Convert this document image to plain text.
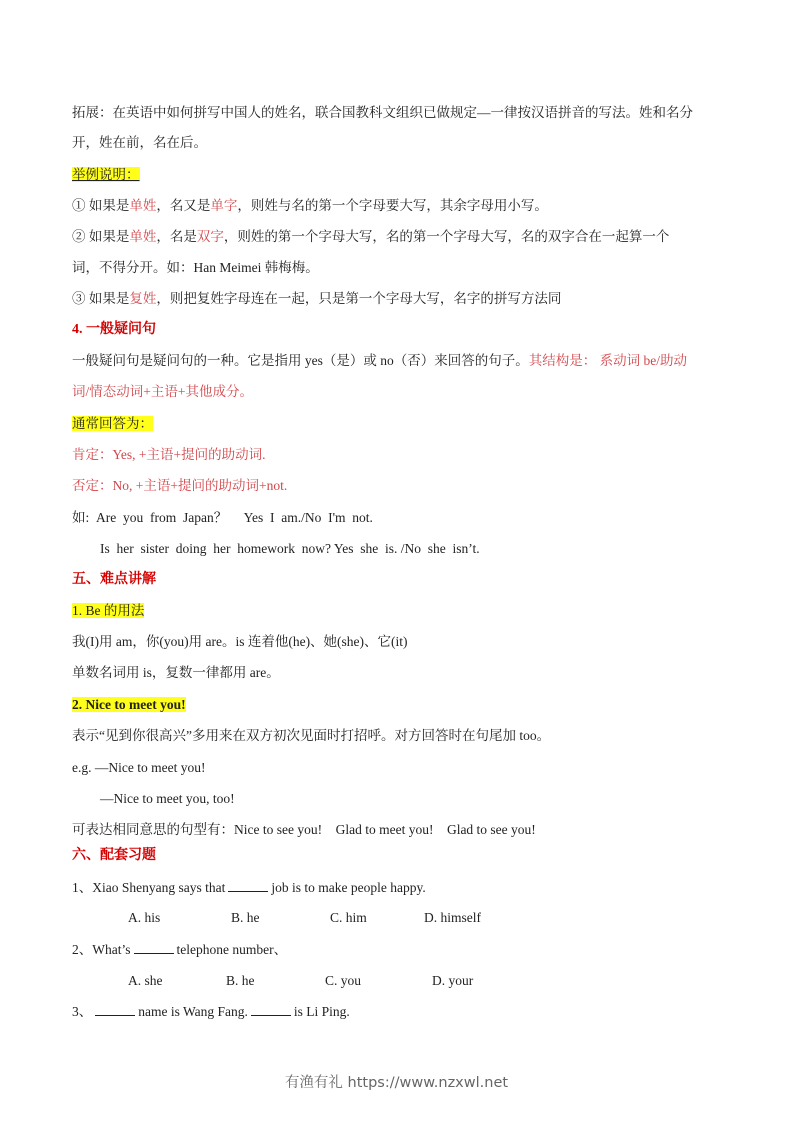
拓展：在英语中如何拼写中国人的姓名，联合国教科文组织已做规定—一律按汉语拼音的写法。姓和名分
开，姓在前，名在后。
举例说明：
① 如果是单姓，名又是单字，则姓与名的第一个字母要大写，其余字母用小写。
② 如果是单姓，名是双字，则姓的第一个字母大写，名的第一个字母大写，名的双字合在一起算一个
词，不得分开。如：Han Meimei 韩梅梅。
③ 如果是复姓，则把复姓字母连在一起，只是第一个字母大写，名字的拼写方法同
4. 一般疑问句
一般疑问句是疑问句的一种。它是指用 yes（是）或 no（否）来回答的句子。其结构是： 系动词 be/助动
词/情态动词+主语+其他成分。
通常回答为：
肯定：Yes, +主语+提问的助动词.
否定：No, +主语+提问的助动词+not.
如:  Are  you  from  Japan？     Yes  I  am./No  I'm  not.
Is  her  sister  doing  her  homework  now? Yes  she  is. /No  she  isn’t.
五、难点讲解
1. Be 的用法
我(I)用 am，你(you)用 are。is 连着他(he)、她(she)、它(it)
单数名词用 is，复数一律都用 are。
2. Nice to meet you!
表示“见到你很高兴”多用来在双方初次见面时打招呼。对方回答时在句尾加 too。
e.g. —Nice to meet you!
—Nice to meet you, too!
可表达相同意思的句型有：Nice to see you!    Glad to meet you!    Glad to see you!
六、配套习题
1、Xiao Shenyang says that	job is to make people happy.
A. his	B. he	C. him	D. himself
2、What’s	telephone number、
A. she	B. he	C. you	D. your
3、	name is Wang Fang.	is Li Ping.
有渔有礼 https://www.nzxwl.net
